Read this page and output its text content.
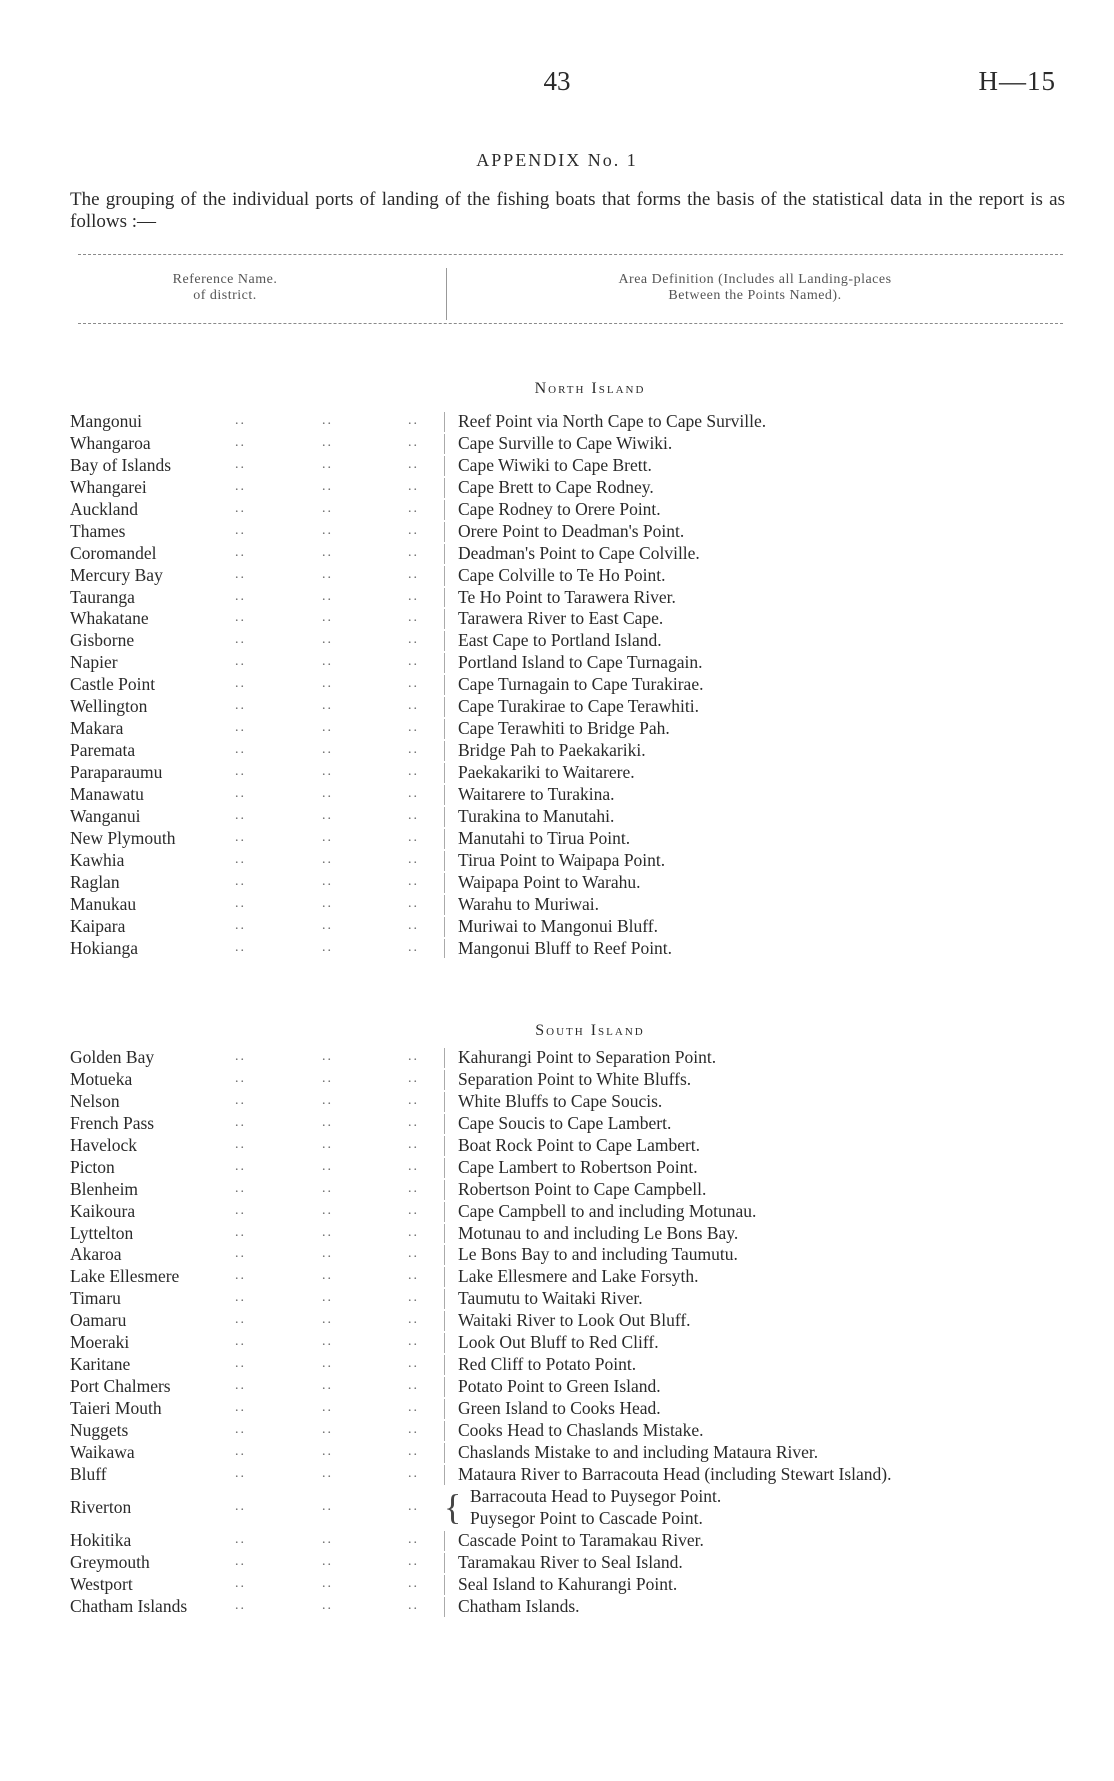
43	H—15
APPENDIX No. 1
The grouping of the individual ports of landing of the fishing boats that forms the basis of the statistical data in the report is as follows :—
Reference Name.
of district.
Area Definition (Includes all Landing-places
Between the Points Named).
North Island
Mangonui	..	..	.. Reef Point via North Cape to Cape Surville.
Whangaroa	..	..	.. Cape Surville to Cape Wiwiki.
Bay of Islands	..	..	.. Cape Wiwiki to Cape Brett.
Whangarei	..	..	.. Cape Brett to Cape Rodney.
Auckland	..	..	.. Cape Rodney to Orere Point.
Thames	..	..	.. Orere Point to Deadman's Point.
Coromandel	..	..	.. Deadman's Point to Cape Colville.
Mercury Bay	..	..	.. Cape Colville to Te Ho Point.
Tauranga	..	..	.. Te Ho Point to Tarawera River.
Whakatane	..	..	.. Tarawera River to East Cape.
Gisborne	..	..	.. East Cape to Portland Island.
Napier	..	..	.. Portland Island to Cape Turnagain.
Castle Point	..	..	.. Cape Turnagain to Cape Turakirae.
Wellington	..	..	.. Cape Turakirae to Cape Terawhiti.
Makara	..	..	.. Cape Terawhiti to Bridge Pah.
Paremata	..	..	.. Bridge Pah to Paekakariki.
Paraparaumu	..	..	.. Paekakariki to Waitarere.
Manawatu	..	..	.. Waitarere to Turakina.
Wanganui	..	..	.. Turakina to Manutahi.
New Plymouth	..	..	.. Manutahi to Tirua Point.
Kawhia	..	..	.. Tirua Point to Waipapa Point.
Raglan	..	..	.. Waipapa Point to Warahu.
Manukau	..	..	.. Warahu to Muriwai.
Kaipara	..	..	.. Muriwai to Mangonui Bluff.
Hokianga	..	..	.. Mangonui Bluff to Reef Point.
South Island
Golden Bay	..	..	.. Kahurangi Point to Separation Point.
Motueka	..	..	.. Separation Point to White Bluffs.
Nelson	..	..	.. White Bluffs to Cape Soucis.
French Pass	..	..	.. Cape Soucis to Cape Lambert.
Havelock	..	..	.. Boat Rock Point to Cape Lambert.
Picton	..	..	.. Cape Lambert to Robertson Point.
Blenheim	..	..	.. Robertson Point to Cape Campbell.
Kaikoura	..	..	.. Cape Campbell to and including Motunau.
Lyttelton	..	..	.. Motunau to and including Le Bons Bay.
Akaroa	..	..	.. Le Bons Bay to and including Taumutu.
Lake Ellesmere	..	..	.. Lake Ellesmere and Lake Forsyth.
Timaru	..	..	.. Taumutu to Waitaki River.
Oamaru	..	..	.. Waitaki River to Look Out Bluff.
Moeraki	..	..	.. Look Out Bluff to Red Cliff.
Karitane	..	..	.. Red Cliff to Potato Point.
Port Chalmers	..	..	.. Potato Point to Green Island.
Taieri Mouth	..	..	.. Green Island to Cooks Head.
Nuggets	..	..	.. Cooks Head to Chaslands Mistake.
Waikawa	..	..	.. Chaslands Mistake to and including Mataura River.
Bluff	..	..	.. Mataura River to Barracouta Head (including Stewart Island).
Riverton	..	..	.. { Barracouta Head to Puysegor Point.
Puysegor Point to Cascade Point.
Hokitika	..	..	.. Cascade Point to Taramakau River.
Greymouth	..	..	.. Taramakau River to Seal Island.
Westport	..	..	.. Seal Island to Kahurangi Point.
Chatham Islands	..	..	.. Chatham Islands.
